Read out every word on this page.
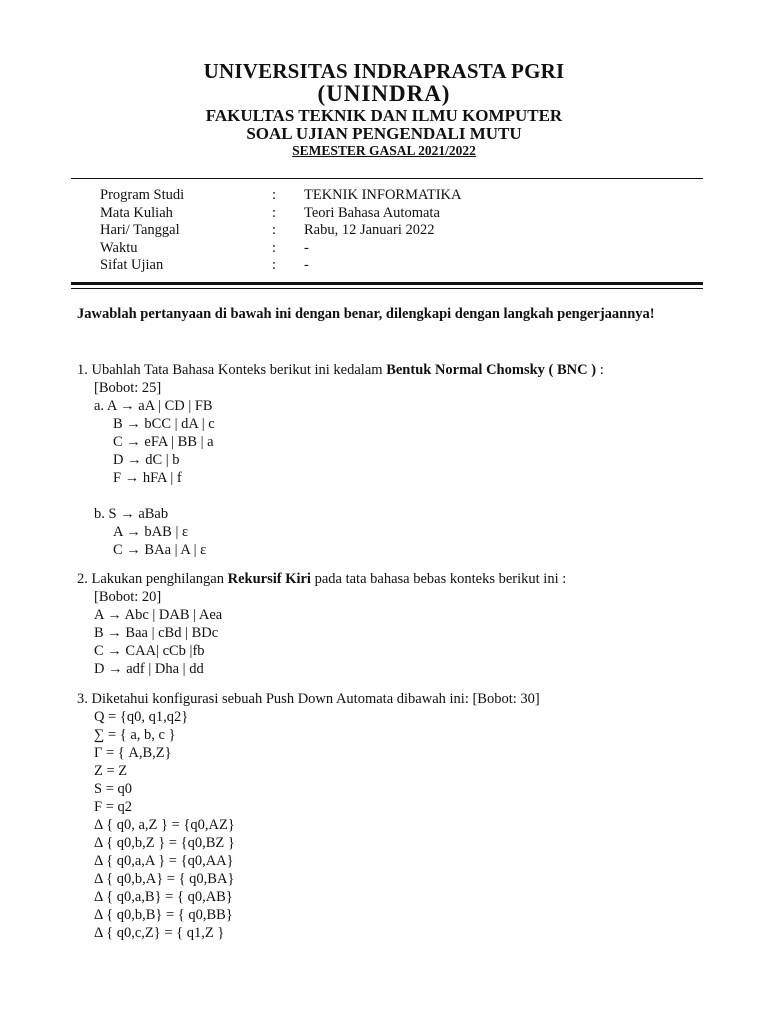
UNIVERSITAS INDRAPRASTA PGRI
(UNINDRA)
FAKULTAS TEKNIK DAN ILMU KOMPUTER
SOAL UJIAN PENGENDALI MUTU
SEMESTER GASAL 2021/2022
Program Studi	:	TEKNIK INFORMATIKA
Mata Kuliah	:	Teori Bahasa Automata
Hari/ Tanggal	:	Rabu, 12 Januari 2022
Waktu	:	-
Sifat Ujian	:	-
Jawablah pertanyaan di bawah ini dengan benar, dilengkapi dengan langkah pengerjaannya!
1. Ubahlah Tata Bahasa Konteks berikut ini kedalam Bentuk Normal Chomsky ( BNC ) :
[Bobot: 25]
a. A → aA | CD | FB
B → bCC | dA | c
C → eFA | BB | a
D → dC | b
F → hFA | f
b. S → aBab
A → bAB | ε
C → BAa | A | ε
2. Lakukan penghilangan Rekursif Kiri pada tata bahasa bebas konteks berikut ini :
[Bobot: 20]
A → Abc | DAB | Aea
B → Baa | cBd | BDc
C → CAA| cCb |fb
D → adf | Dha | dd
3. Diketahui konfigurasi sebuah Push Down Automata dibawah ini: [Bobot: 30]
Q = {q0, q1,q2}
∑ = { a, b, c }
Г = { A,B,Z}
Z = Z
S = q0
F = q2
Δ { q0, a,Z } = {q0,AZ}
Δ { q0,b,Z } = {q0,BZ }
Δ { q0,a,A } = {q0,AA}
Δ { q0,b,A} = { q0,BA}
Δ { q0,a,B} = { q0,AB}
Δ { q0,b,B} = { q0,BB}
Δ { q0,c,Z} = { q1,Z }
